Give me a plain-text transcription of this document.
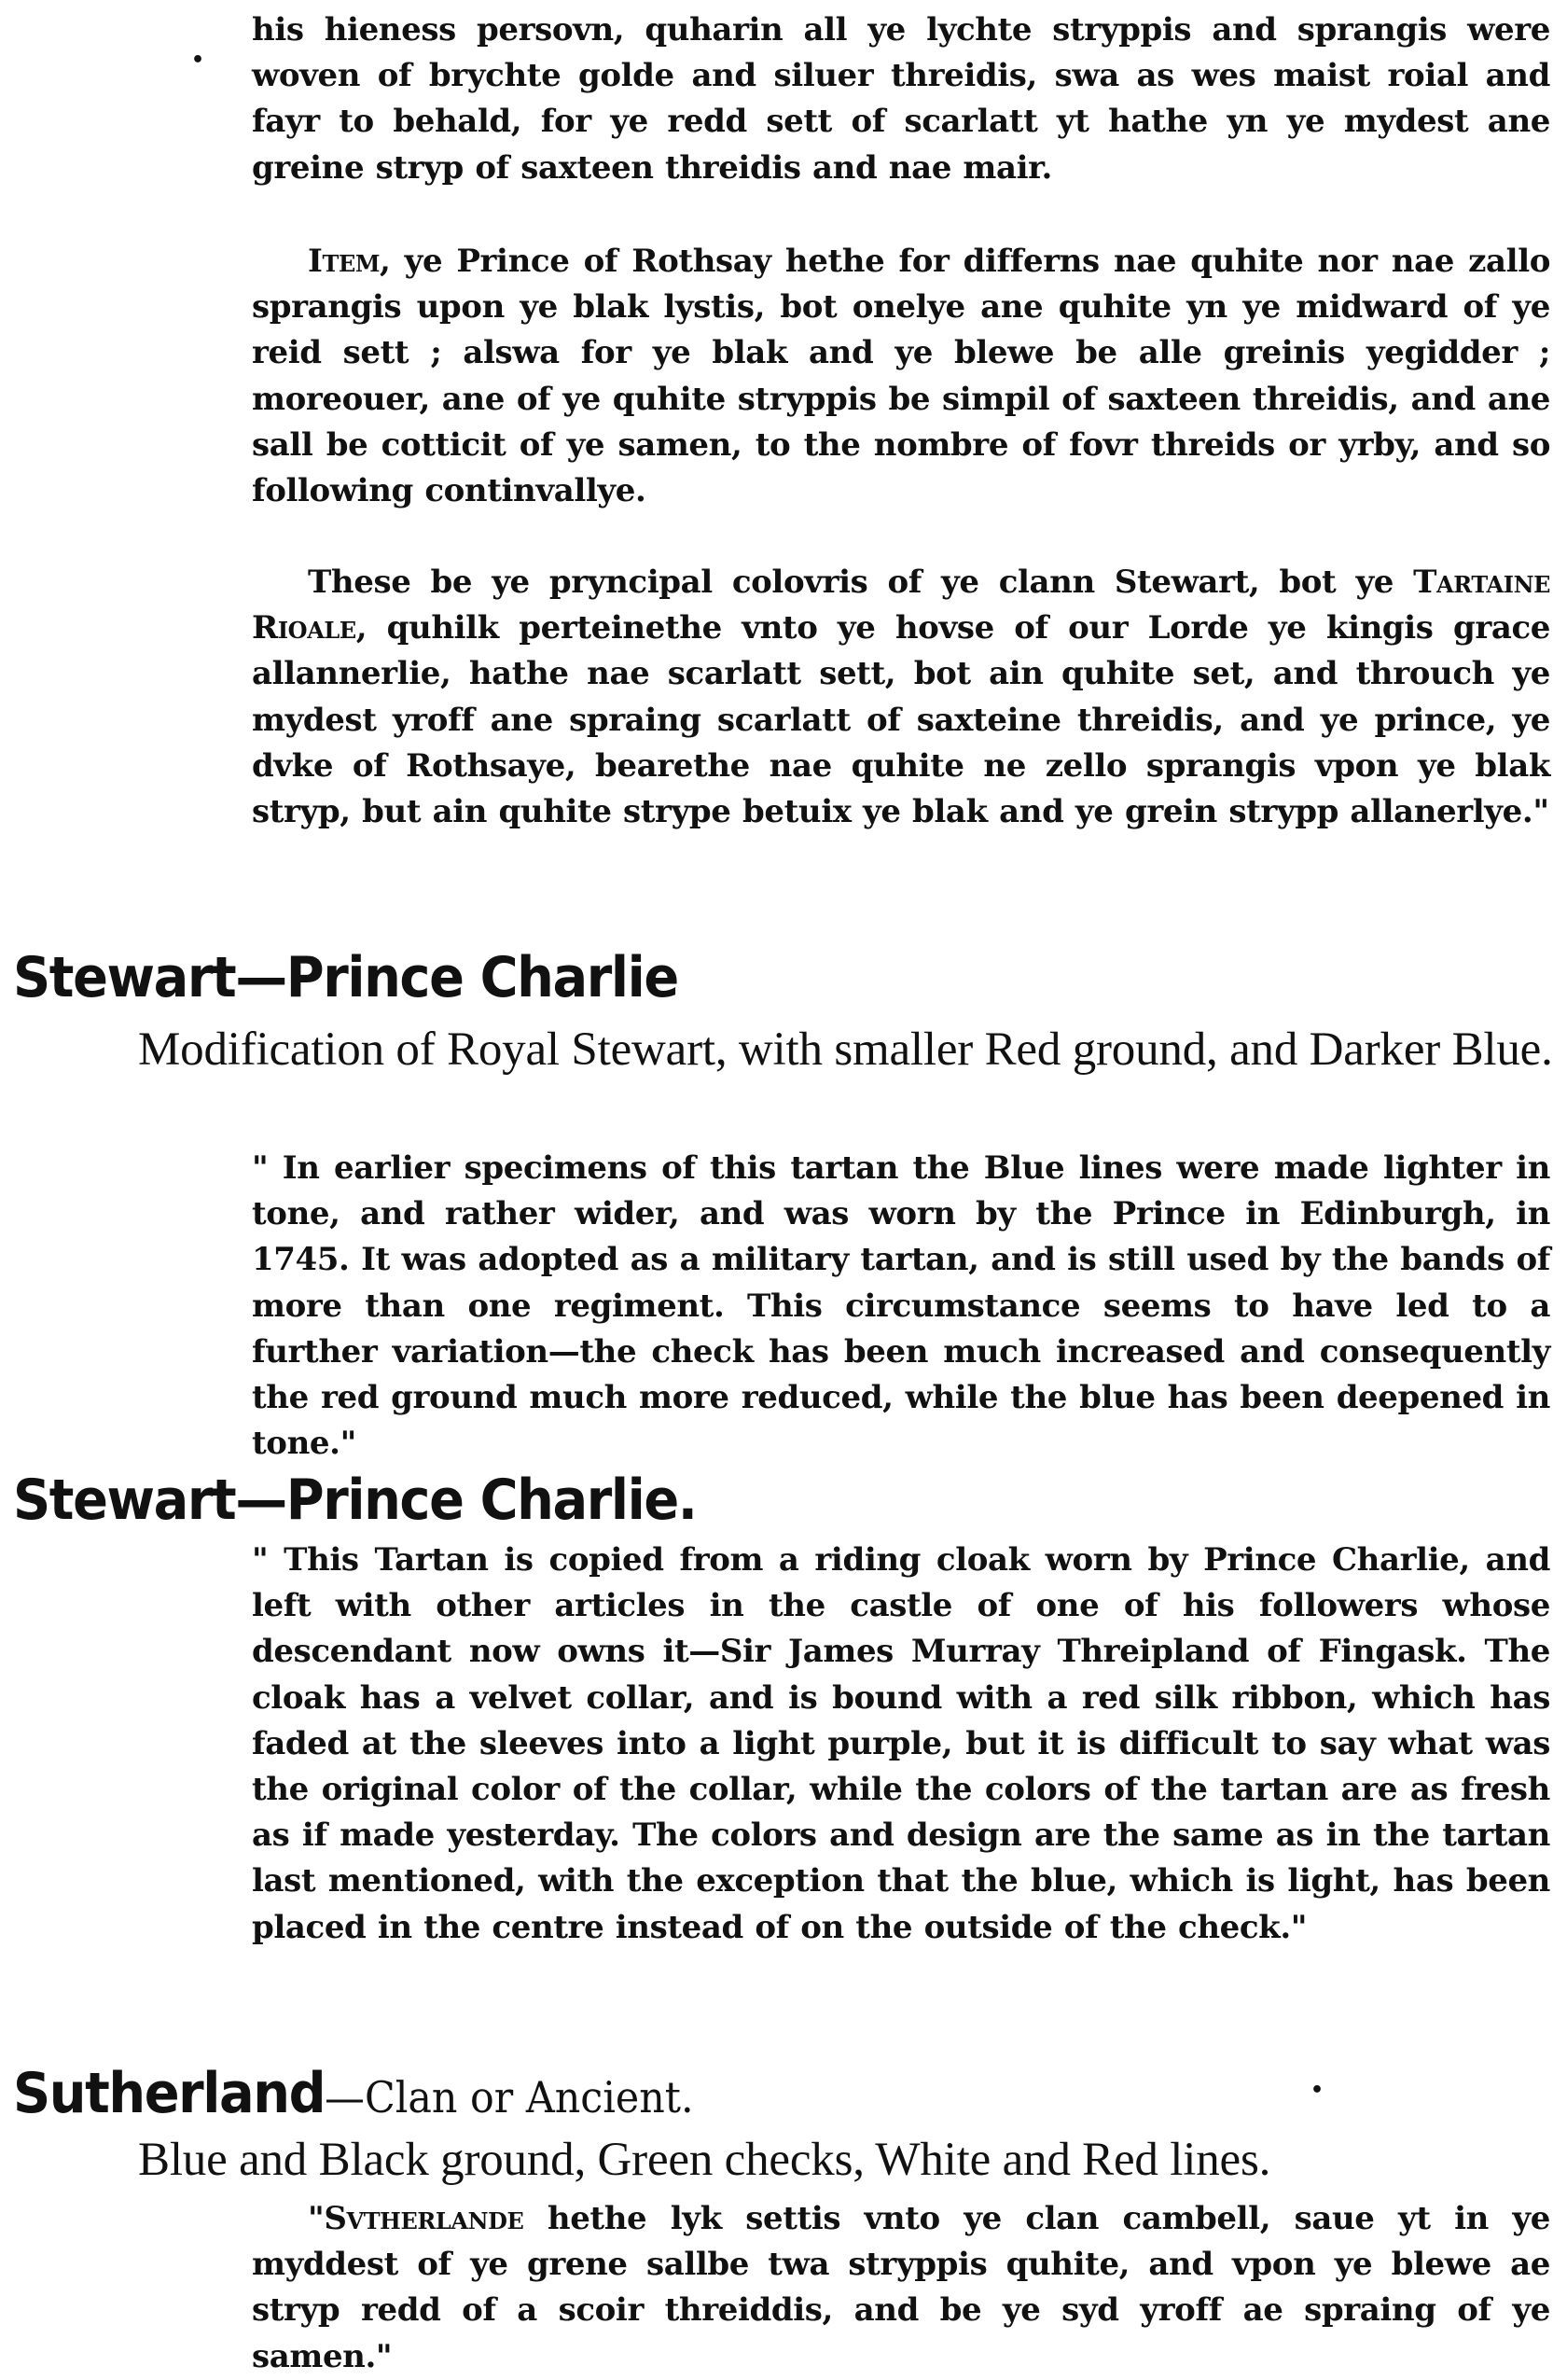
•

his hieness persovn, quharin all ye lychte stryppis and sprangis were woven of brychte golde and siluer threidis, swa as wes maist roial and fayr to behald, for ye redd sett of scarlatt yt hathe yn ye mydest ane greine stryp of saxteen threidis and nae mair.

Item, ye Prince of Rothsay hethe for differns nae quhite nor nae zallo sprangis upon ye blak lystis, bot onelye ane quhite yn ye midward of ye reid sett ; alswa for ye blak and ye blewe be alle greinis yegidder ; moreouer, ane of ye quhite stryppis be simpil of saxteen threidis, and ane sall be cotticit of ye samen, to the nombre of fovr threids or yrby, and so following continvallye.

These be ye pryncipal colovris of ye clann Stewart, bot ye Tartaine Rioale, quhilk perteinethe vnto ye hovse of our Lorde ye kingis grace allannerlie, hathe nae scarlatt sett, bot ain quhite set, and throuch ye mydest yroff ane spraing scarlatt of saxteine threidis, and ye prince, ye dvke of Rothsaye, bearethe nae quhite ne zello sprangis vpon ye blak stryp, but ain quhite strype betuix ye blak and ye grein strypp allanerlye."

Stewart—Prince Charlie

Modification of Royal Stewart, with smaller Red ground, and Darker Blue.

" In earlier specimens of this tartan the Blue lines were made lighter in tone, and rather wider, and was worn by the Prince in Edinburgh, in 1745. It was adopted as a military tartan, and is still used by the bands of more than one regiment. This circumstance seems to have led to a further variation—the check has been much increased and consequently the red ground much more reduced, while the blue has been deepened in tone."

Stewart—Prince Charlie.

" This Tartan is copied from a riding cloak worn by Prince Charlie, and left with other articles in the castle of one of his followers whose descendant now owns it—Sir James Murray Threipland of Fingask. The cloak has a velvet collar, and is bound with a red silk ribbon, which has faded at the sleeves into a light purple, but it is difficult to say what was the original color of the collar, while the colors of the tartan are as fresh as if made yesterday. The colors and design are the same as in the tartan last mentioned, with the exception that the blue, which is light, has been placed in the centre instead of on the outside of the check."

•
Sutherland—Clan or Ancient.

Blue and Black ground, Green checks, White and Red lines.

"Svtherlande hethe lyk settis vnto ye clan cambell, saue yt in ye myddest of ye grene sallbe twa stryppis quhite, and vpon ye blewe ae stryp redd of a scoir threiddis, and be ye syd yroff ae spraing of ye samen."
